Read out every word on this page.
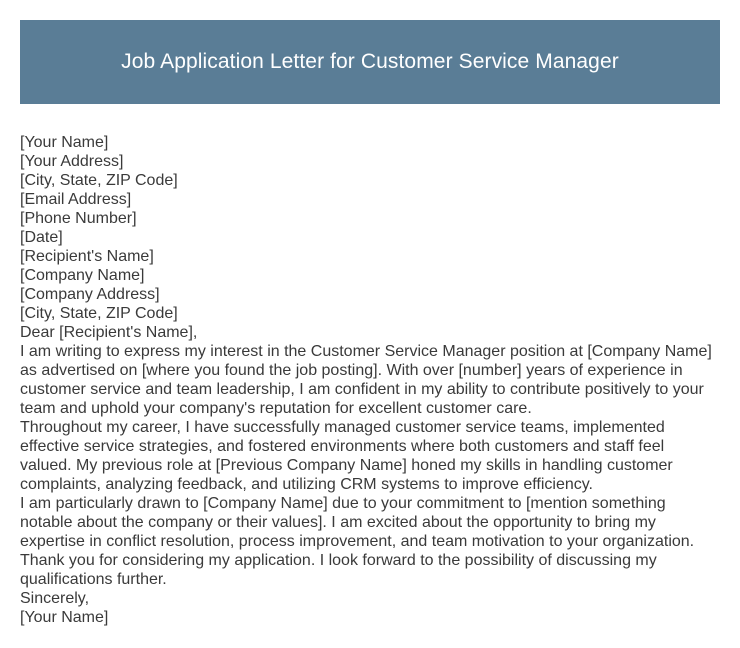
Job Application Letter for Customer Service Manager
[Your Name]
[Your Address]
[City, State, ZIP Code]
[Email Address]
[Phone Number]
[Date]
[Recipient's Name]
[Company Name]
[Company Address]
[City, State, ZIP Code]
Dear [Recipient's Name],
I am writing to express my interest in the Customer Service Manager position at [Company Name]
as advertised on [where you found the job posting]. With over [number] years of experience in
customer service and team leadership, I am confident in my ability to contribute positively to your
team and uphold your company's reputation for excellent customer care.
Throughout my career, I have successfully managed customer service teams, implemented
effective service strategies, and fostered environments where both customers and staff feel
valued. My previous role at [Previous Company Name] honed my skills in handling customer
complaints, analyzing feedback, and utilizing CRM systems to improve efficiency.
I am particularly drawn to [Company Name] due to your commitment to [mention something
notable about the company or their values]. I am excited about the opportunity to bring my
expertise in conflict resolution, process improvement, and team motivation to your organization.
Thank you for considering my application. I look forward to the possibility of discussing my
qualifications further.
Sincerely,
[Your Name]
